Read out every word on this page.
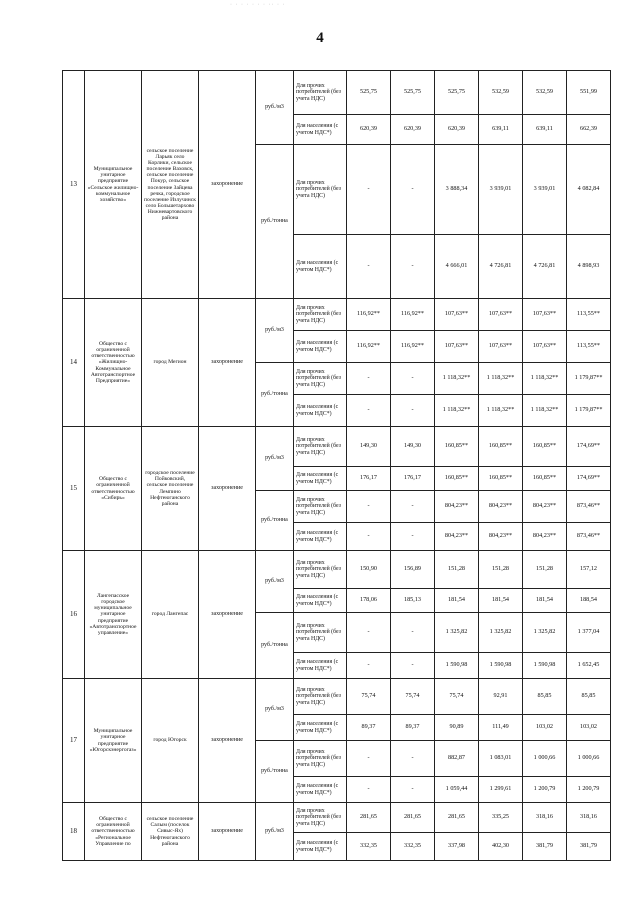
· · · · · · · ·· · ·
4
13	Муниципальное унитарное предприятие «Сельское жилищно-коммунальное хозяйство»	сельское поселение Ларьяк село Корлики, сельское поселение Ваховск, сельское поселение Покур, сельское поселение Зайцева речка, городское поселение Излучинск село Большетархово Нижневартовского района	захоронение	руб./м3	Для прочих потребителей (без учета НДС)	525,75	525,75	525,75	532,59	532,59	551,99
					Для населения (с учетом НДС*)	620,39	620,39	620,39	639,11	639,11	662,39
				руб./тонна	Для прочих потребителей (без учета НДС)	-	-	3 888,34	3 939,01	3 939,01	4 082,84
					Для населения (с учетом НДС*)	-	-	4 666,01	4 726,81	4 726,81	4 898,93
14	Общество с ограниченной ответственностью «Жилищно-Коммунальное Автотранспортное Предприятие»	город Мегион	захоронение	руб./м3	Для прочих потребителей (без учета НДС)	116,92**	116,92**	107,63**	107,63**	107,63**	113,55**
					Для населения (с учетом НДС*)	116,92**	116,92**	107,63**	107,63**	107,63**	113,55**
				руб./тонна	Для прочих потребителей (без учета НДС)	-	-	1 118,32**	1 118,32**	1 118,32**	1 179,87**
					Для населения (с учетом НДС*)	-	-	1 118,32**	1 118,32**	1 118,32**	1 179,87**
15	Общество с ограниченной ответственностью «Сибирь»	городское поселение Пойковский, сельское поселение Лемпино Нефтеюганского района	захоронение	руб./м3	Для прочих потребителей (без учета НДС)	149,30	149,30	160,85**	160,85**	160,85**	174,69**
					Для населения (с учетом НДС*)	176,17	176,17	160,85**	160,85**	160,85**	174,69**
				руб./тонна	Для прочих потребителей (без учета НДС)	-	-	804,23**	804,23**	804,23**	873,46**
					Для населения (с учетом НДС*)	-	-	804,23**	804,23**	804,23**	873,46**
16	Лангепасское городское муниципальное унитарное предприятие «Автотранспортное управление»	город Лангепас	захоронение	руб./м3	Для прочих потребителей (без учета НДС)	150,90	156,89	151,28	151,28	151,28	157,12
					Для населения (с учетом НДС*)	178,06	185,13	181,54	181,54	181,54	188,54
				руб./тонна	Для прочих потребителей (без учета НДС)	-	-	1 325,82	1 325,82	1 325,82	1 377,04
					Для населения (с учетом НДС*)	-	-	1 590,98	1 590,98	1 590,98	1 652,45
17	Муниципальное унитарное предприятие «Югорскэнергогаз»	город Югорск	захоронение	руб./м3	Для прочих потребителей (без учета НДС)	75,74	75,74	75,74	92,91	85,85	85,85
					Для населения (с учетом НДС*)	89,37	89,37	90,89	111,49	103,02	103,02
				руб./тонна	Для прочих потребителей (без учета НДС)	-	-	882,87	1 083,01	1 000,66	1 000,66
					Для населения (с учетом НДС*)	-	-	1 059,44	1 299,61	1 200,79	1 200,79
18	Общество с ограниченной ответственностью «Региональное Управление по	сельское поселение Салым (поселок Сивыс-Ях) Нефтеюганского района	захоронение	руб./м3	Для прочих потребителей (без учета НДС)	281,65	281,65	281,65	335,25	318,16	318,16
					Для населения (с учетом НДС*)	332,35	332,35	337,98	402,30	381,79	381,79
